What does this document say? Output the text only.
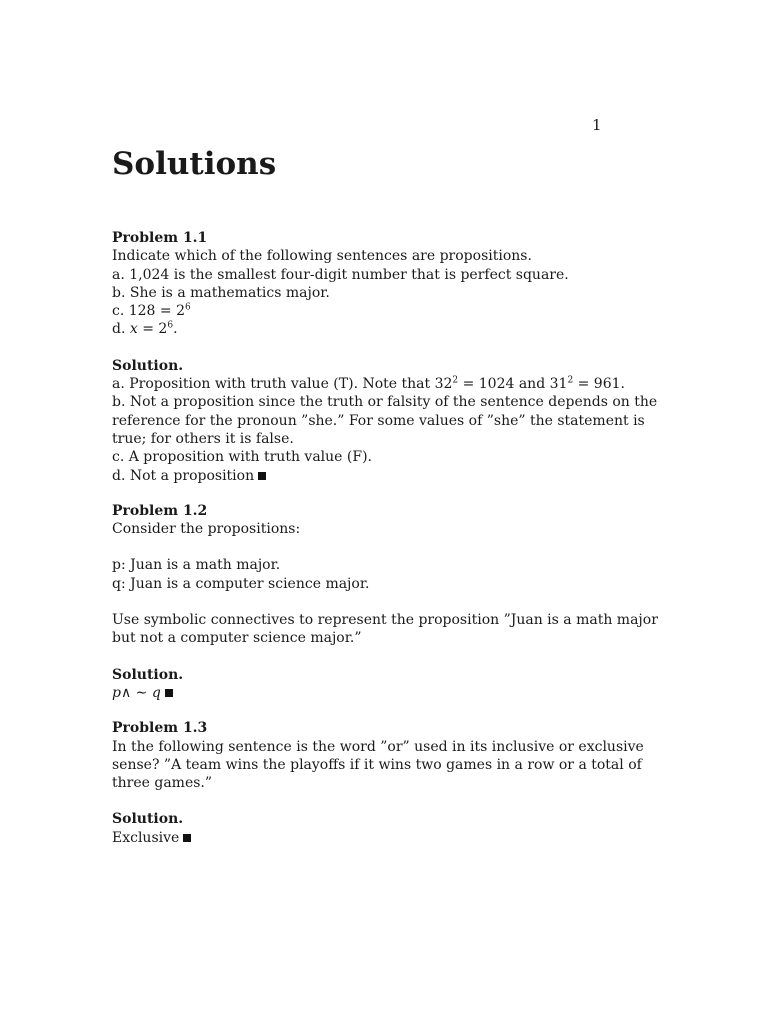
1
Solutions
Problem 1.1
Indicate which of the following sentences are propositions.
a. 1,024 is the smallest four-digit number that is perfect square.
b. She is a mathematics major.
c. $128 = 2^6$
d. $x = 2^6$.
Solution.
a. Proposition with truth value (T). Note that $32^2 = 1024$ and $31^2 = 961$.
b. Not a proposition since the truth or falsity of the sentence depends on the
reference for the pronoun ”she.” For some values of ”she” the statement is
true; for others it is false.
c. A proposition with truth value (F).
d. Not a proposition
Problem 1.2
Consider the propositions:
p: Juan is a math major.
q: Juan is a computer science major.
Use symbolic connectives to represent the proposition ”Juan is a math major
but not a computer science major.”
Solution.
p∧ ∼ q
Problem 1.3
In the following sentence is the word ”or” used in its inclusive or exclusive
sense? ”A team wins the playoffs if it wins two games in a row or a total of
three games.”
Solution.
Exclusive
